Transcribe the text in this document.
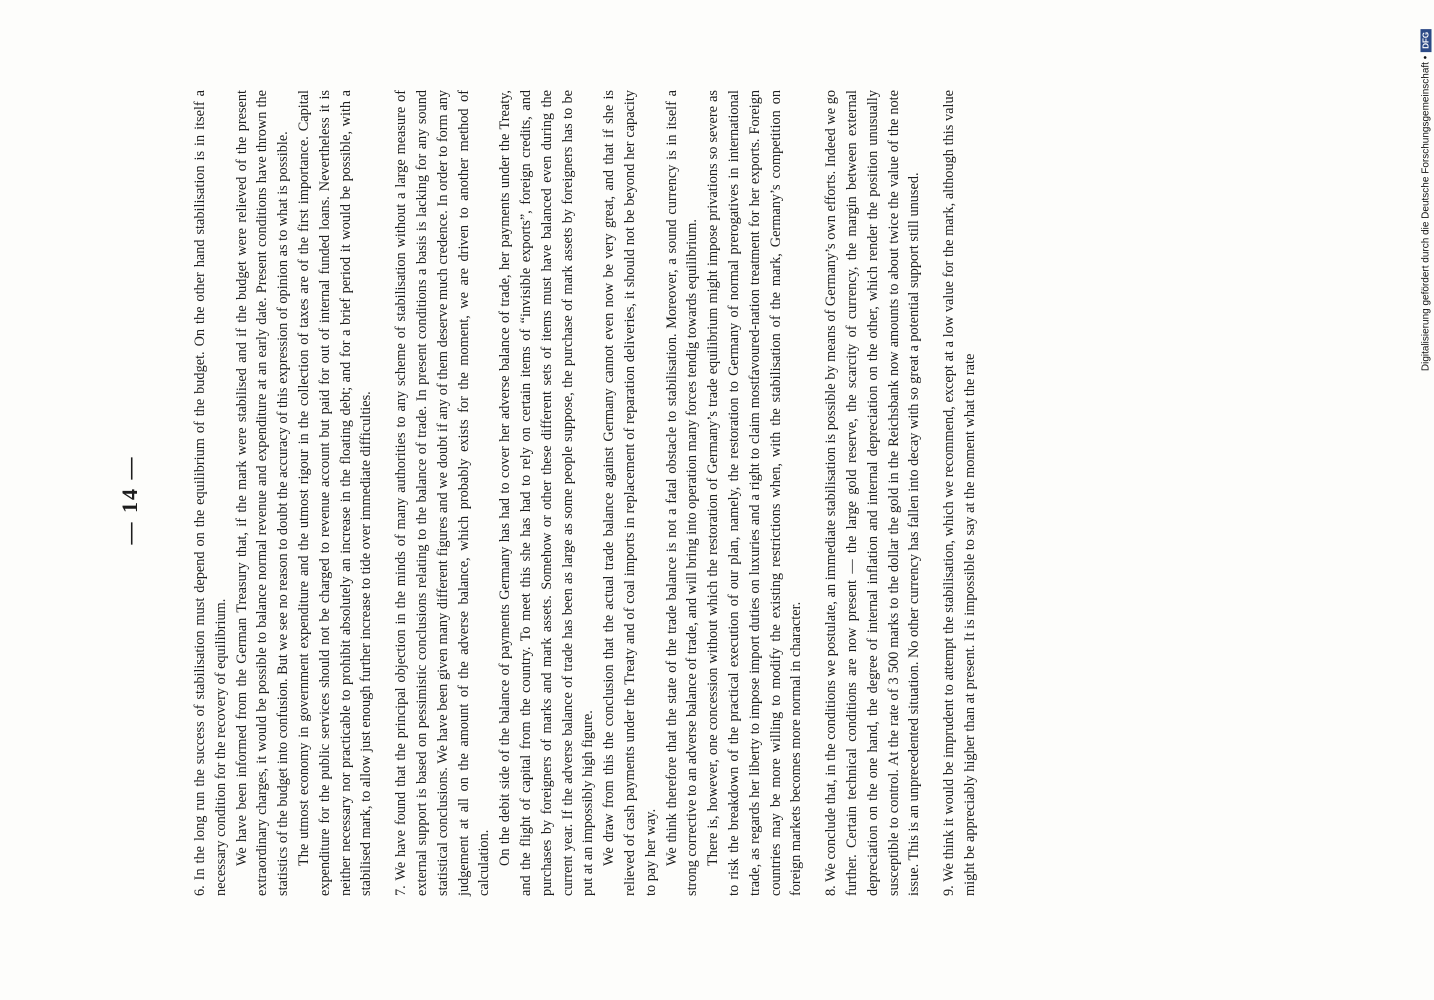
— 14 —	6. In the long run the success of stabilisation must depend on the equilibrium of the budget. On the other hand stabilisation is in itself a necessary condition for the recovery of equilibrium. We have been informed from the German Treasury that, if the mark were stabilised and if the budget were relieved of the present extraordinary charges, it would be possible to balance normal revenue and expenditure at an early date. Present conditions have thrown the statistics of the budget into confusion. But we see no reason to doubt the accuracy of this expression of opinion as to what is possible. The utmost economy in government expenditure and the utmost rigour in the collection of taxes are of the first importance. Capital expenditure for the public services should not be charged to revenue account but paid for out of internal funded loans. Nevertheless it is neither necessary nor practicable to prohibit absolutely an increase in the floating debt; and for a brief period it would be possible, with a stabilised mark, to allow just enough further increase to tide over immediate difficulties. 7. We have found that the principal objection in the minds of many authorities to any scheme of stabilisation without a large measure of external support is based on pessimistic conclusions relating to the balance of trade. In present conditions a basis is lacking for any sound statistical conclusions. We have been given many different figures and we doubt if any of them deserve much credence. In order to form any judgement at all on the amount of the adverse balance, which probably exists for the moment, we are driven to another method of calculation. On the debit side of the balance of payments Germany has had to cover her adverse balance of trade, her payments under the Treaty, and the flight of capital from the country. To meet this she has had to rely on certain items of “invisible exports”, foreign credits, and purchases by foreigners of marks and mark assets. Somehow or other these different sets of items must have balanced even during the current year. If the adverse balance of trade has been as large as some people suppose, the purchase of mark assets by foreigners has to be put at an impossibly high figure. We draw from this the conclusion that the actual trade balance against Germany cannot even now be very great, and that if she is relieved of cash payments under the Treaty and of coal imports in replacement of reparation deliveries, it should not be beyond her capacity to pay her way. We think therefore that the state of the trade balance is not a fatal obstacle to stabilisation. Moreover, a sound currency is in itself a strong corrective to an adverse balance of trade, and will bring into operation many forces tendig towards equilibrium. There is, however, one concession without which the restoration of Germany’s trade equilibrium might impose privations so severe as to risk the breakdown of the practical execution of our plan, namely, the restoration to Germany of normal prerogatives in international trade, as regards her liberty to impose import duties on luxuries and a right to claim mostfavoured-nation treatment for her exports. Foreign countries may be more willing to modify the existing restrictions when, with the stabilisation of the mark, Germany’s competition on foreign markets becomes more normal in character. 8. We conclude that, in the conditions we postulate, an immediate stabilisation is possible by means of Germany’s own efforts. Indeed we go further. Certain technical conditions are now present — the large gold reserve, the scarcity of currency, the margin between external depreciation on the one hand, the degree of internal inflation and internal depreciation on the other, which render the position unusually susceptible to control. At the rate of 3 500 marks to the dollar the gold in the Reichsbank now amounts to about twice the value of the note issue. This is an unprecedented situation. No other currency has fallen into decay with so great a potential support still unused. 9. We think it would be imprudent to attempt the stabilisation, which we recommend, except at a low value for the mark, although this value might be appreciably higher than at present. It is impossible to say at the moment what the rate

Digitalisierung gefördert durch die Deutsche Forschungsgemeinschaft •DFG
